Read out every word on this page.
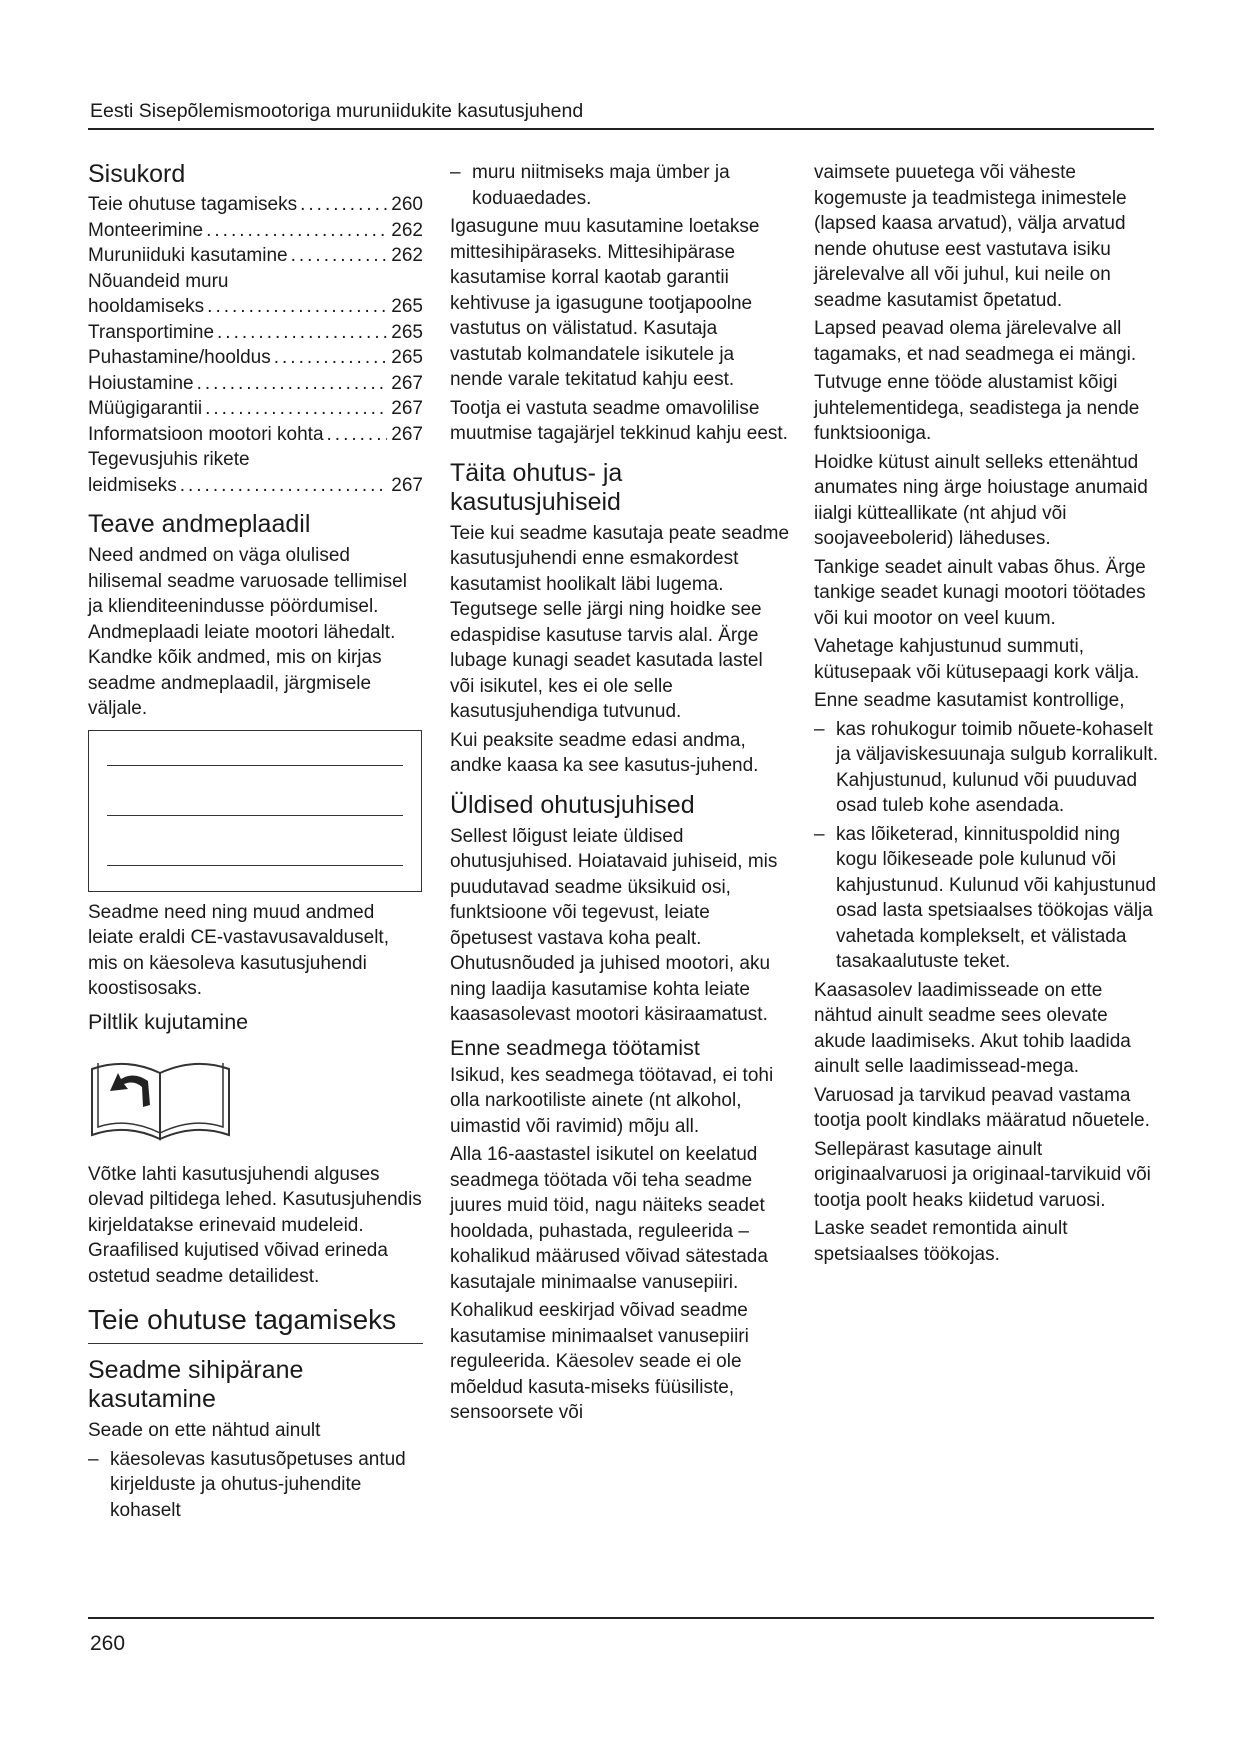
Eesti Sisepõlemismootoriga muruniidukite kasutusjuhend
Sisukord
Teie ohutuse tagamiseks .....	260
Monteerimine .....	262
Muruniiduki kasutamine .....	262
Nõuandeid muru
hooldamiseks .....	265
Transportimine .....	265
Puhastamine/hooldus .....	265
Hoiustamine .....	267
Müügigarantii .....	267
Informatsioon mootori kohta .....	267
Tegevusjuhis rikete
leidmiseks .....	267
Teave andmeplaadil

Need andmed on väga olulised hilisemal seadme varuosade tellimisel ja klienditeenindusse pöördumisel. Andmeplaadi leiate mootori lähedalt. Kandke kõik andmed, mis on kirjas seadme andmeplaadil, järgmisele väljale.

Seadme need ning muud andmed leiate eraldi CE-vastavusavalduselt, mis on käesoleva kasutusjuhendi koostisosaks.

Piltlik kujutamine

Võtke lahti kasutusjuhendi alguses olevad piltidega lehed. Kasutusjuhendis kirjeldatakse erinevaid mudeleid. Graafilised kujutised võivad erineda ostetud seadme detailidest.

Teie ohutuse tagamiseks
Seadme sihipärane kasutamine

Seade on ette nähtud ainult

– käesolevas kasutusõpetuses antud kirjelduste ja ohutus-juhendite kohaselt

– muru niitmiseks maja ümber ja koduaedades.

Igasugune muu kasutamine loetakse mittesihipäraseks. Mittesihipärase kasutamise korral kaotab garantii kehtivuse ja igasugune tootjapoolne vastutus on välistatud. Kasutaja vastutab kolmandatele isikutele ja nende varale tekitatud kahju eest.

Tootja ei vastuta seadme omavolilise muutmise tagajärjel tekkinud kahju eest.

Täita ohutus- ja kasutusjuhiseid

Teie kui seadme kasutaja peate seadme kasutusjuhendi enne esmakordest kasutamist hoolikalt läbi lugema. Tegutsege selle järgi ning hoidke see edaspidise kasutuse tarvis alal. Ärge lubage kunagi seadet kasutada lastel või isikutel, kes ei ole selle kasutusjuhendiga tutvunud.

Kui peaksite seadme edasi andma, andke kaasa ka see kasutus-juhend.

Üldised ohutusjuhised

Sellest lõigust leiate üldised ohutusjuhised. Hoiatavaid juhiseid, mis puudutavad seadme üksikuid osi, funktsioone või tegevust, leiate õpetusest vastava koha pealt. Ohutusnõuded ja juhised mootori, aku ning laadija kasutamise kohta leiate kaasasolevast mootori käsiraamatust.

Enne seadmega töötamist

Isikud, kes seadmega töötavad, ei tohi olla narkootiliste ainete (nt alkohol, uimastid või ravimid) mõju all.

Alla 16-aastastel isikutel on keelatud seadmega töötada või teha seadme juures muid töid, nagu näiteks seadet hooldada, puhastada, reguleerida – kohalikud määrused võivad sätestada kasutajale minimaalse vanusepiiri.

Kohalikud eeskirjad võivad seadme kasutamise minimaalset vanusepiiri reguleerida. Käesolev seade ei ole mõeldud kasuta-miseks füüsiliste, sensoorsete või

vaimsete puuetega või väheste kogemuste ja teadmistega inimestele (lapsed kaasa arvatud), välja arvatud nende ohutuse eest vastutava isiku järelevalve all või juhul, kui neile on seadme kasutamist õpetatud.

Lapsed peavad olema järelevalve all tagamaks, et nad seadmega ei mängi.

Tutvuge enne tööde alustamist kõigi juhtelementidega, seadistega ja nende funktsiooniga.

Hoidke kütust ainult selleks ettenähtud anumates ning ärge hoiustage anumaid iialgi kütteallikate (nt ahjud või soojaveebolerid) läheduses.

Tankige seadet ainult vabas õhus. Ärge tankige seadet kunagi mootori töötades või kui mootor on veel kuum.

Vahetage kahjustunud summuti, kütusepaak või kütusepaagi kork välja.

Enne seadme kasutamist kontrollige,

– kas rohukogur toimib nõuete-kohaselt ja väljaviskesuunaja sulgub korralikult. Kahjustunud, kulunud või puuduvad osad tuleb kohe asendada.

– kas lõiketerad, kinnituspoldid ning kogu lõikeseade pole kulunud või kahjustunud. Kulunud või kahjustunud osad lasta spetsiaalses töökojas välja vahetada komplekselt, et välistada tasakaalutuste teket.

Kaasasolev laadimisseade on ette nähtud ainult seadme sees olevate akude laadimiseks. Akut tohib laadida ainult selle laadimissead-mega.

Varuosad ja tarvikud peavad vastama tootja poolt kindlaks määratud nõuetele.

Sellepärast kasutage ainult originaalvaruosi ja originaal-tarvikuid või tootja poolt heaks kiidetud varuosi.

Laske seadet remontida ainult spetsiaalses töökojas.

260
